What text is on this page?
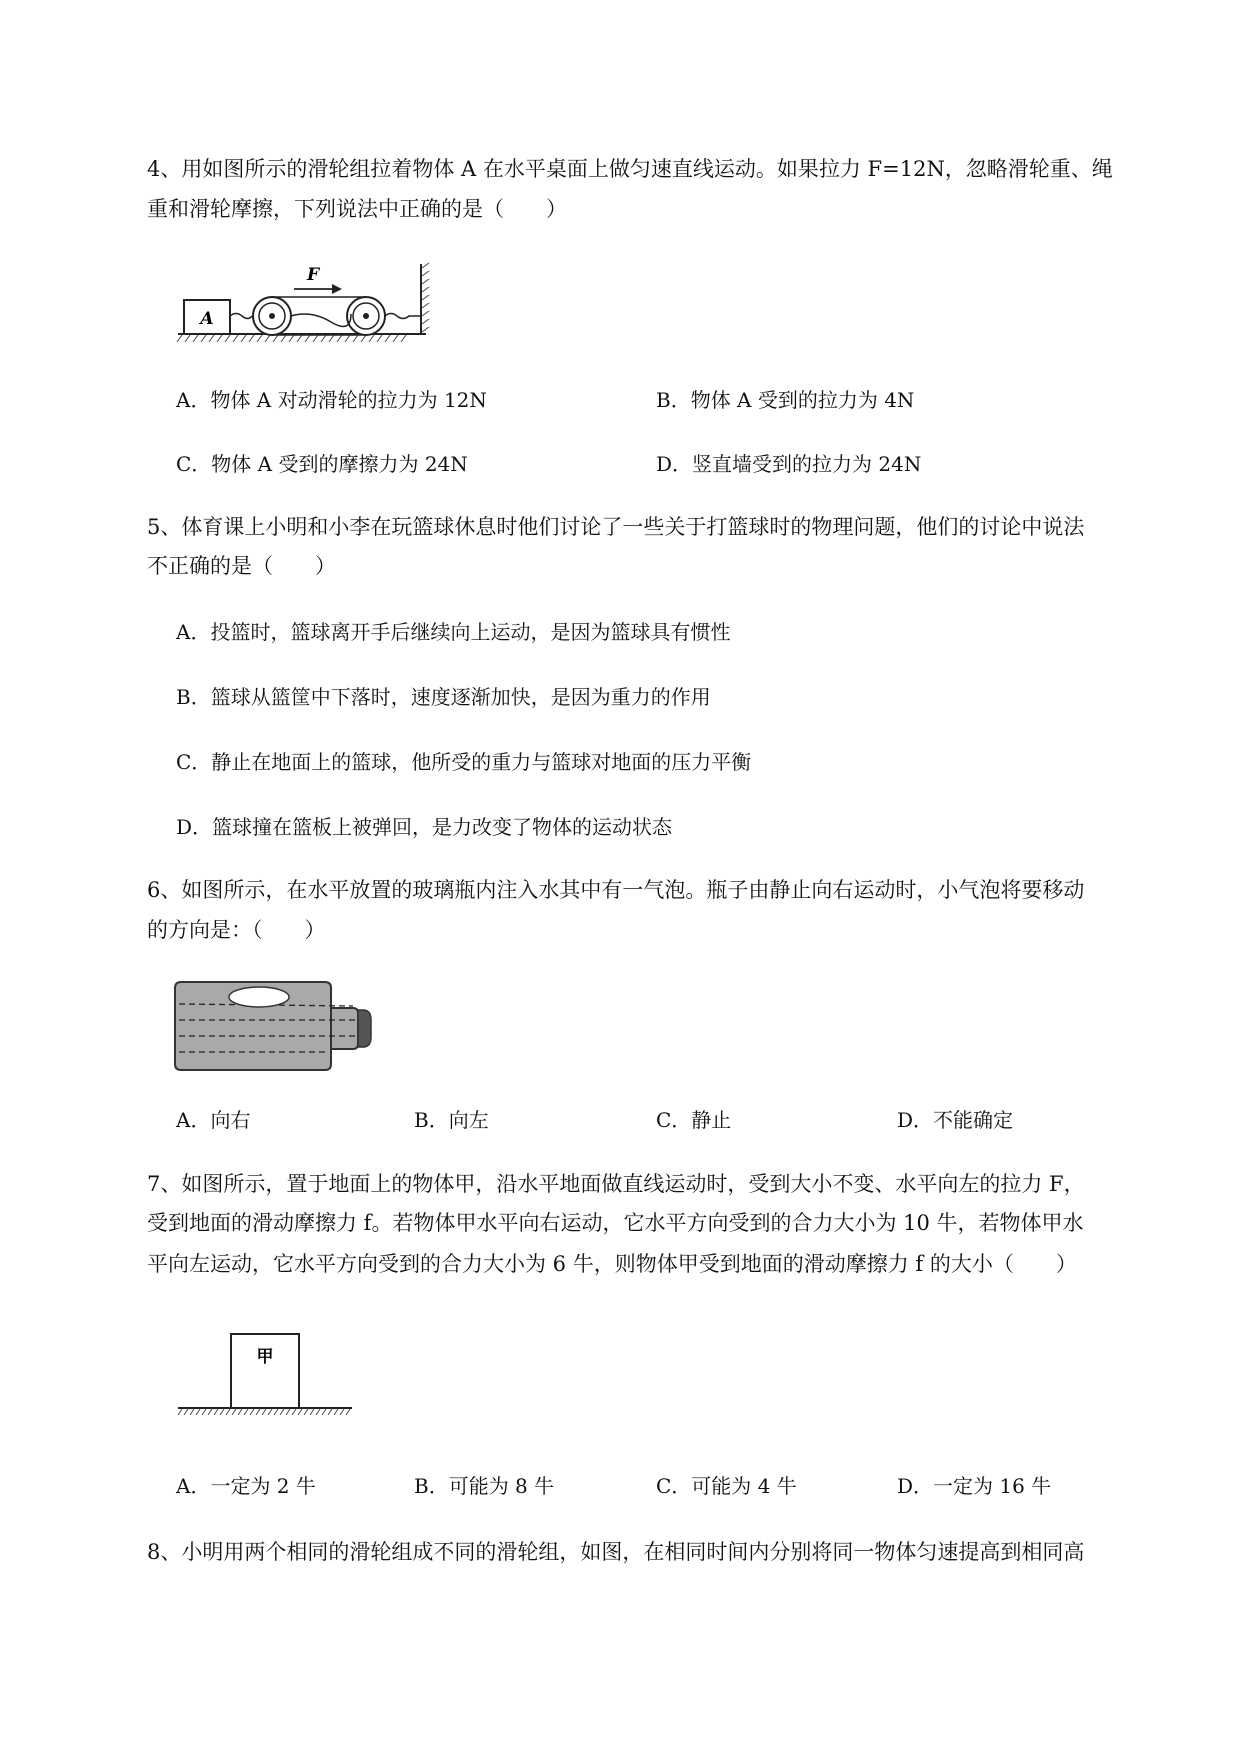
4、用如图所示的滑轮组拉着物体 A 在水平桌面上做匀速直线运动。如果拉力 F=12N，忽略滑轮重、绳
重和滑轮摩擦，下列说法中正确的是（　　）
A
F
A．物体 A 对动滑轮的拉力为 12N	B．物体 A 受到的拉力为 4N
C．物体 A 受到的摩擦力为 24N	D．竖直墙受到的拉力为 24N
5、体育课上小明和小李在玩篮球休息时他们讨论了一些关于打篮球时的物理问题，他们的讨论中说法
不正确的是（　　）
A．投篮时，篮球离开手后继续向上运动，是因为篮球具有惯性
B．篮球从篮筐中下落时，速度逐渐加快，是因为重力的作用
C．静止在地面上的篮球，他所受的重力与篮球对地面的压力平衡
D．篮球撞在篮板上被弹回，是力改变了物体的运动状态
6、如图所示，在水平放置的玻璃瓶内注入水其中有一气泡。瓶子由静止向右运动时，小气泡将要移动
的方向是：（　　）
A．向右	B．向左	C．静止	D．不能确定
7、如图所示，置于地面上的物体甲，沿水平地面做直线运动时，受到大小不变、水平向左的拉力 F，
受到地面的滑动摩擦力 f。若物体甲水平向右运动，它水平方向受到的合力大小为 10 牛，若物体甲水
平向左运动，它水平方向受到的合力大小为 6 牛，则物体甲受到地面的滑动摩擦力 f 的大小（　　）
甲
A．一定为 2 牛	B．可能为 8 牛	C．可能为 4 牛	D．一定为 16 牛
8、小明用两个相同的滑轮组成不同的滑轮组，如图，在相同时间内分别将同一物体匀速提高到相同高
